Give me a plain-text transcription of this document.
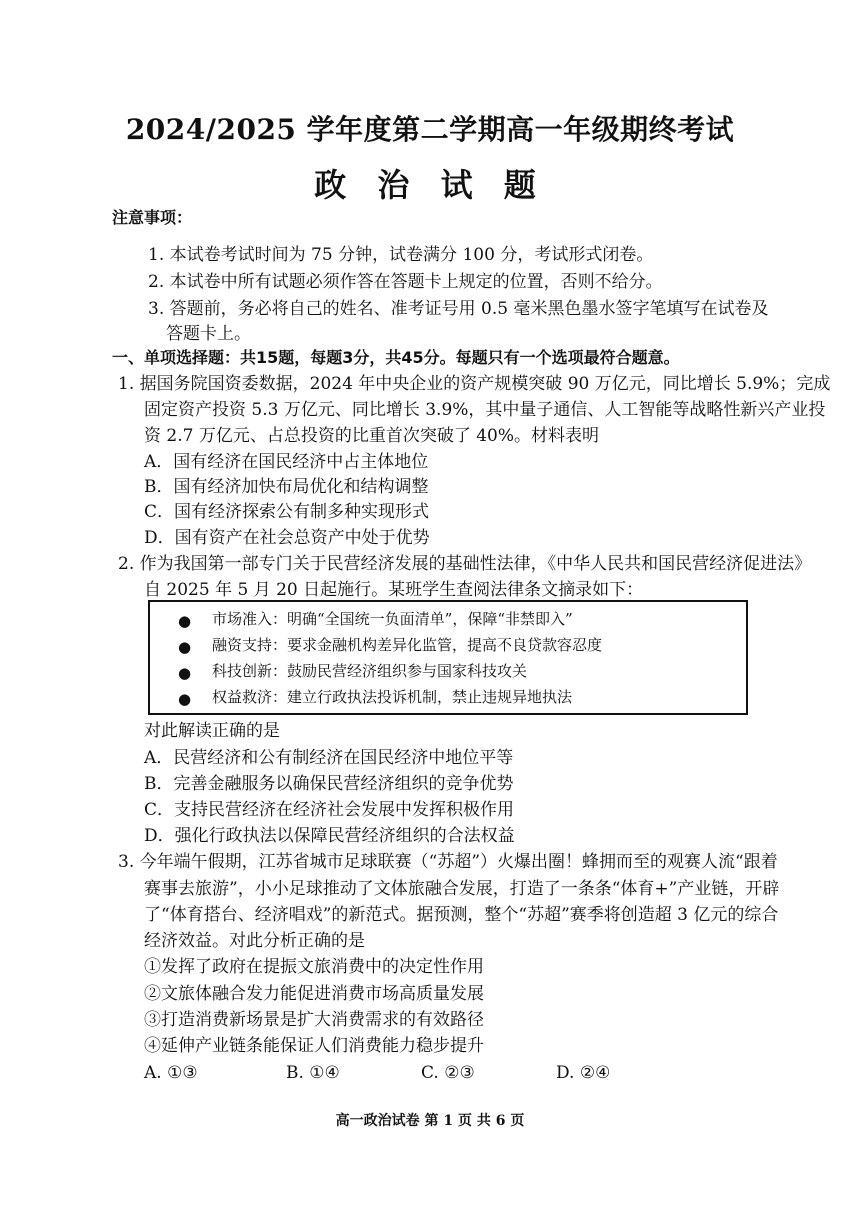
2024/2025 学年度第二学期高一年级期终考试
政 治 试 题
注意事项：
1. 本试卷考试时间为 75 分钟，试卷满分 100 分，考试形式闭卷。
2. 本试卷中所有试题必须作答在答题卡上规定的位置，否则不给分。
3. 答题前，务必将自己的姓名、准考证号用 0.5 毫米黑色墨水签字笔填写在试卷及
答题卡上。
一、单项选择题：共15题，每题3分，共45分。每题只有一个选项最符合题意。
1. 据国务院国资委数据，2024 年中央企业的资产规模突破 90 万亿元，同比增长 5.9%；完成
固定资产投资 5.3 万亿元、同比增长 3.9%，其中量子通信、人工智能等战略性新兴产业投
资 2.7 万亿元、占总投资的比重首次突破了 40%。材料表明
A．国有经济在国民经济中占主体地位
B．国有经济加快布局优化和结构调整
C．国有经济探索公有制多种实现形式
D．国有资产在社会总资产中处于优势
2. 作为我国第一部专门关于民营经济发展的基础性法律，《中华人民共和国民营经济促进法》
自 2025 年 5 月 20 日起施行。某班学生查阅法律条文摘录如下：
● 市场准入：明确“全国统一负面清单”，保障“非禁即入”
● 融资支持：要求金融机构差异化监管，提高不良贷款容忍度
● 科技创新：鼓励民营经济组织参与国家科技攻关
● 权益救济：建立行政执法投诉机制，禁止违规异地执法
对此解读正确的是
A．民营经济和公有制经济在国民经济中地位平等
B．完善金融服务以确保民营经济组织的竞争优势
C．支持民营经济在经济社会发展中发挥积极作用
D．强化行政执法以保障民营经济组织的合法权益
3. 今年端午假期，江苏省城市足球联赛（“苏超”）火爆出圈！蜂拥而至的观赛人流“跟着
赛事去旅游”，小小足球推动了文体旅融合发展，打造了一条条“体育+”产业链，开辟
了“体育搭台、经济唱戏”的新范式。据预测，整个“苏超”赛季将创造超 3 亿元的综合
经济效益。对此分析正确的是
①发挥了政府在提振文旅消费中的决定性作用
②文旅体融合发力能促进消费市场高质量发展
③打造消费新场景是扩大消费需求的有效路径
④延伸产业链条能保证人们消费能力稳步提升
A. ①③	B. ①④	C. ②③	D. ②④
高一政治试卷 第 1 页 共 6 页
